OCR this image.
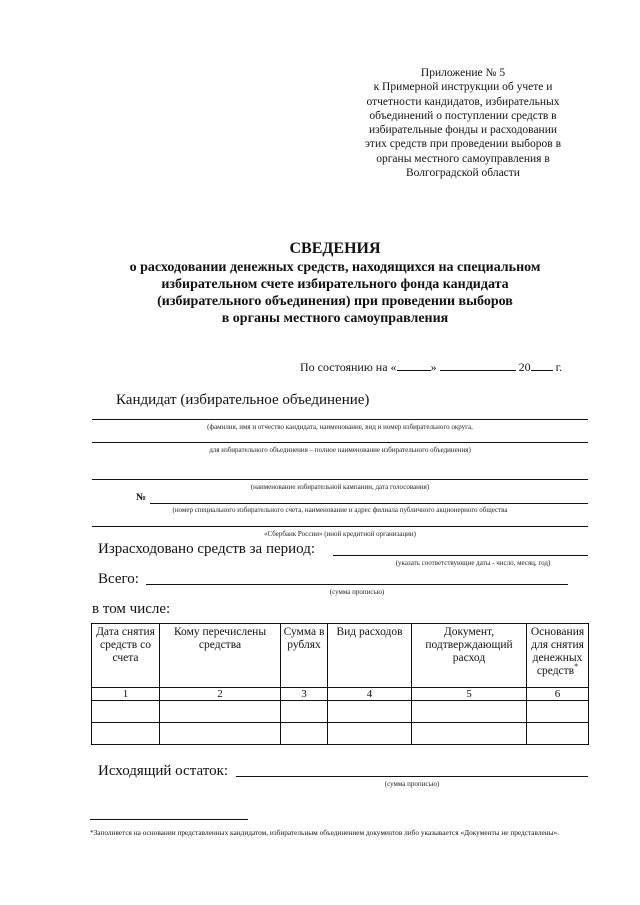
Приложение № 5
к Примерной инструкции об учете и
отчетности кандидатов, избирательных
объединений о поступлении средств в
избирательные фонды и расходовании
этих средств при проведении выборов в
органы местного самоуправления в
Волгоградской области
СВЕДЕНИЯ
о расходовании денежных средств, находящихся на специальном
избирательном счете избирательного фонда кандидата
(избирательного объединения) при проведении выборов
в органы местного самоуправления
По состоянию на «	»	20 г.
Кандидат (избирательное объединение)
(фамилия, имя и отчество кандидата, наименование, вид и номер избирательного округа,
для избирательного объединения – полное наименование избирательного объединения)
(наименование избирательной кампании, дата голосования)
№
(номер специального избирательного счета, наименование и адрес филиала публичного акционерного общества
«Сбербанк России» (иной кредитной организации)
Израсходовано средств за период:
(указать соответствующие даты - число, месяц, год)
Всего:
(сумма прописью)
в том числе:
Дата снятия средств со счета	Кому перечислены средства	Сумма в рублях	Вид расходов	Документ, подтверждающий расход	Основания для снятия денежных средств*
1	2	3	4	5	6

Исходящий остаток:
(сумма прописью)
*Заполняется на основании представленных кандидатом, избирательным объединением документов либо указывается «Документы не представлены».
